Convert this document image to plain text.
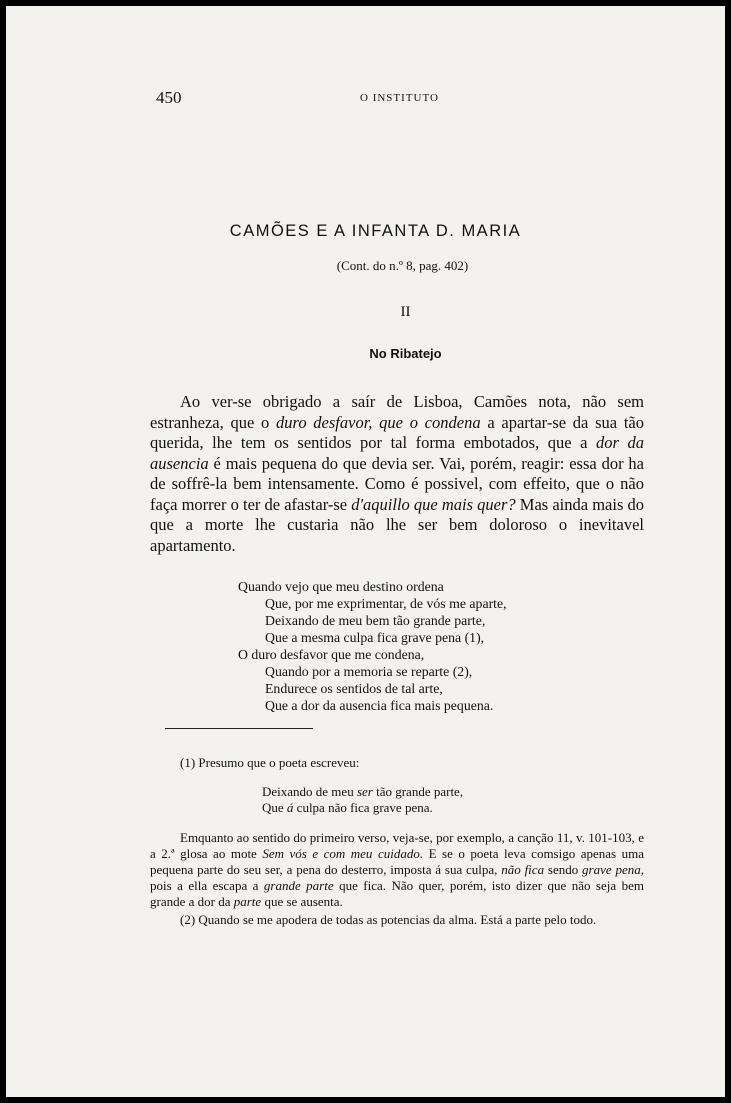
450	O INSTITUTO
CAMÕES E A INFANTA D. MARIA
(Cont. do n.º 8, pag. 402)
II
No Ribatejo

Ao ver-se obrigado a saír de Lisboa, Camões nota, não sem estranheza, que o duro desfavor, que o condena a apartar-se da sua tão querida, lhe tem os sentidos por tal forma embotados, que a dor da ausencia é mais pequena do que devia ser. Vai, porém, reagir: essa dor ha de soffrê-la bem intensamente. Como é possivel, com effeito, que o não faça morrer o ter de afastar-se d'aquillo que mais quer? Mas ainda mais do que a morte lhe custaria não lhe ser bem doloroso o inevitavel apartamento.

Quando vejo que meu destino ordena
Que, por me exprimentar, de vós me aparte,
Deixando de meu bem tão grande parte,
Que a mesma culpa fica grave pena (1),
O duro desfavor que me condena,
Quando por a memoria se reparte (2),
Endurece os sentidos de tal arte,
Que a dor da ausencia fica mais pequena.
(1) Presumo que o poeta escreveu:
Deixando de meu ser tão grande parte,
Que á culpa não fica grave pena.

Emquanto ao sentido do primeiro verso, veja-se, por exemplo, a canção 11, v. 101-103, e a 2.ª glosa ao mote Sem vós e com meu cuidado. E se o poeta leva comsigo apenas uma pequena parte do seu ser, a pena do desterro, imposta á sua culpa, não fica sendo grave pena, pois a ella escapa a grande parte que fica. Não quer, porém, isto dizer que não seja bem grande a dor da parte que se ausenta.

(2) Quando se me apodera de todas as potencias da alma. Está a parte pelo todo.
